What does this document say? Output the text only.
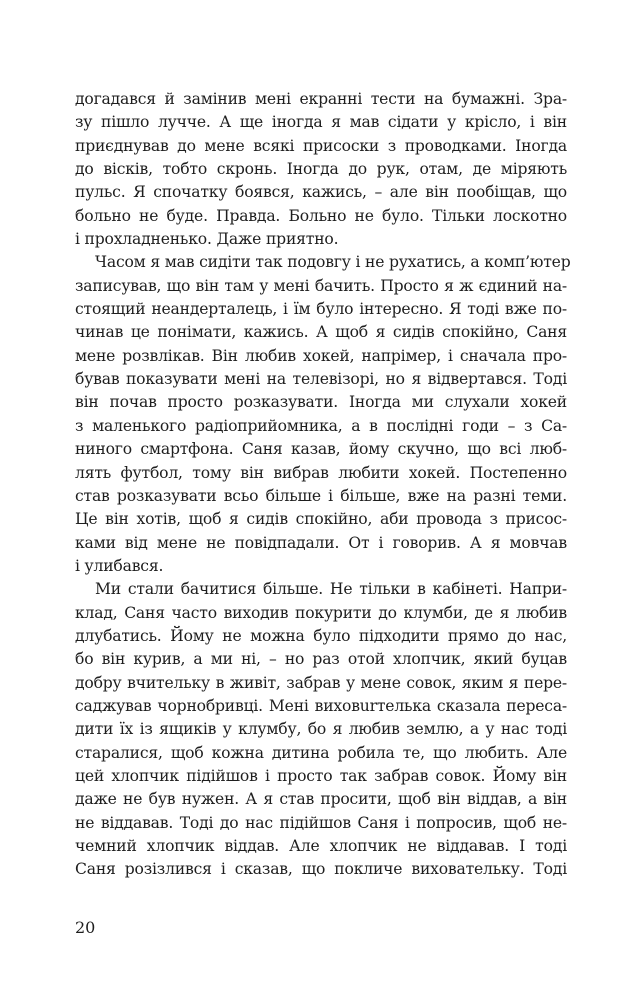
догадався й замінив мені екранні тести на бумажні. Зра-
зу пішло лучче. А ще іногда я мав сідати у крісло, і він
приєднував до мене всякі присоски з проводками. Іногда
до вісків, тобто скронь. Іногда до рук, отам, де міряють
пульс. Я спочатку боявся, кажись, – але він пообіщав, що
больно не буде. Правда. Больно не було. Тільки лоскотно
і прохладненько. Даже приятно.
Часом я мав сидіти так подовгу і не рухатись, а комп’ютер
записував, що він там у мені бачить. Просто я ж єдиний на-
стоящий неандерталець, і їм було інтересно. Я тоді вже по-
чинав це понімати, кажись. А щоб я сидів спокійно, Саня
мене розвлікав. Він любив хокей, напрімер, і сначала про-
бував показувати мені на телевізорі, но я відвертався. Тоді
він почав просто розказувати. Іногда ми слухали хокей
з маленького радіоприйомника, а в послідні годи – з Са-
ниного смартфона. Саня казав, йому скучно, що всі люб-
лять футбол, тому він вибрав любити хокей. Постепенно
став розказувати всьо більше і більше, вже на разні теми.
Це він хотів, щоб я сидів спокійно, аби провода з присос-
ками від мене не повідпадали. От і говорив. А я мовчав
і улибався.
Ми стали бачитися більше. Не тільки в кабінеті. Напри-
клад, Саня часто виходив покурити до клумби, де я любив
длубатись. Йому не можна було підходити прямо до нас,
бо він курив, а ми ні, – но раз отой хлопчик, який буцав
добру вчительку в живіт, забрав у мене совок, яким я пере-
саджував чорнобривці. Мені виховurтелька сказала переса-
дити їх із ящиків у клумбу, бо я любив землю, а у нас тоді
старалися, щоб кожна дитина робила те, що любить. Але
цей хлопчик підійшов і просто так забрав совок. Йому він
даже не був нужен. А я став просити, щоб він віддав, а він
не віддавав. Тоді до нас підійшов Саня і попросив, щоб не-
чемний хлопчик віддав. Але хлопчик не віддавав. І тоді
Саня розізлився і сказав, що покличе виховательку. Тоді
20
